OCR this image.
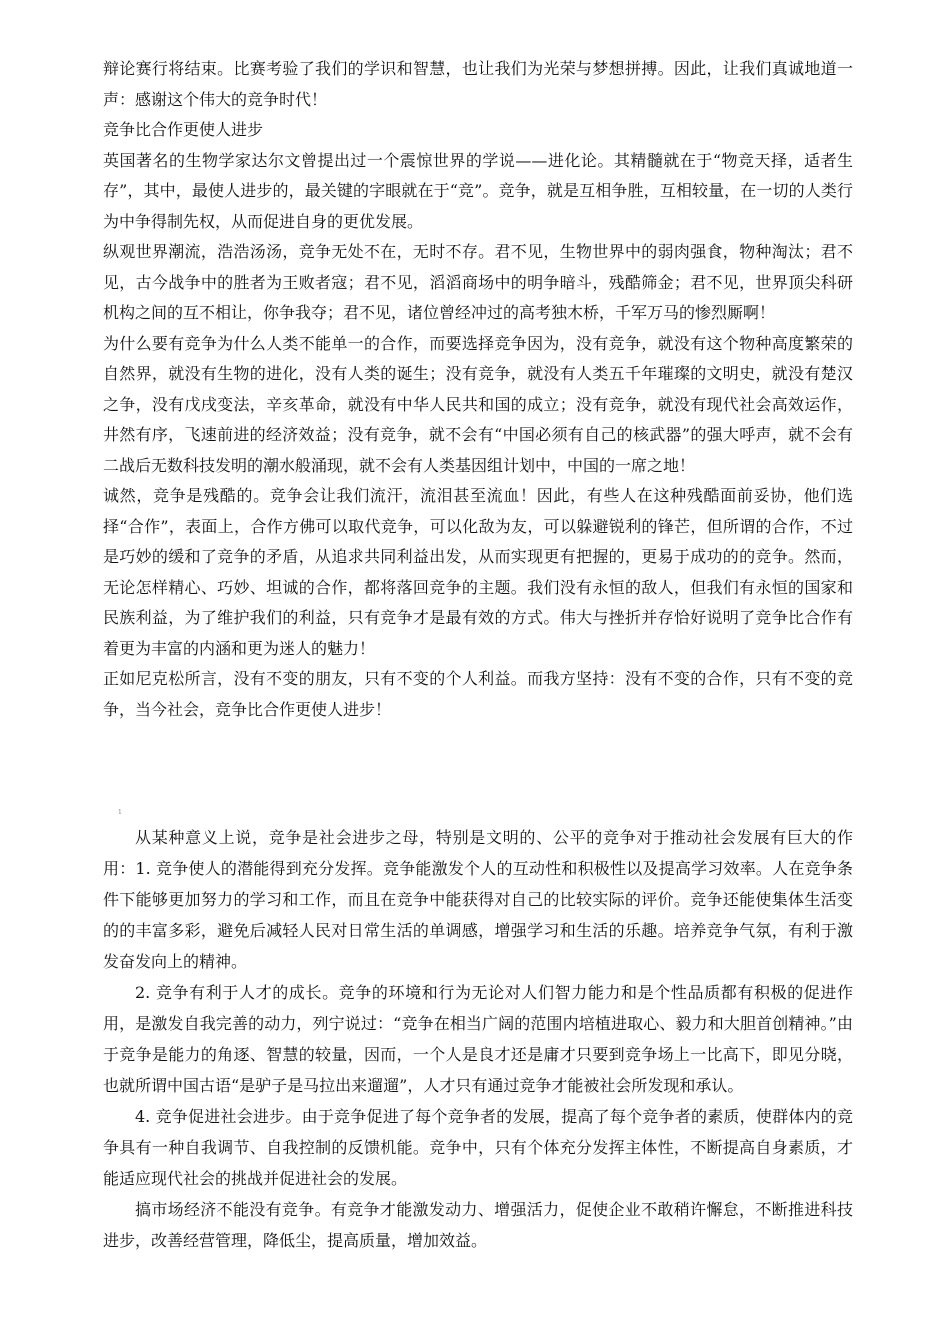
辩论赛行将结束。比赛考验了我们的学识和智慧，也让我们为光荣与梦想拼搏。因此，让我们真诚地道一声：感谢这个伟大的竞争时代！

竞争比合作更使人进步

英国著名的生物学家达尔文曾提出过一个震惊世界的学说——进化论。其精髓就在于“物竞天择，适者生存”，其中，最使人进步的，最关键的字眼就在于“竞”。竞争，就是互相争胜，互相较量，在一切的人类行为中争得制先权，从而促进自身的更优发展。

纵观世界潮流，浩浩汤汤，竞争无处不在，无时不存。君不见，生物世界中的弱肉强食，物种淘汰；君不见，古今战争中的胜者为王败者寇；君不见，滔滔商场中的明争暗斗，残酷筛金；君不见，世界顶尖科研机构之间的互不相让，你争我夺；君不见，诸位曾经冲过的高考独木桥，千军万马的惨烈厮啊！

为什么要有竞争为什么人类不能单一的合作，而要选择竞争因为，没有竞争，就没有这个物种高度繁荣的自然界，就没有生物的进化，没有人类的诞生；没有竞争，就没有人类五千年璀璨的文明史，就没有楚汉之争，没有戊戌变法，辛亥革命，就没有中华人民共和国的成立；没有竞争，就没有现代社会高效运作，井然有序，飞速前进的经济效益；没有竞争，就不会有“中国必须有自己的核武器”的强大呼声，就不会有二战后无数科技发明的潮水般涌现，就不会有人类基因组计划中，中国的一席之地！

诚然，竞争是残酷的。竞争会让我们流汗，流泪甚至流血！因此，有些人在这种残酷面前妥协，他们选择“合作”，表面上，合作方佛可以取代竞争，可以化敌为友，可以躲避锐利的锋芒，但所谓的合作，不过是巧妙的缓和了竞争的矛盾，从追求共同利益出发，从而实现更有把握的，更易于成功的的竞争。然而，无论怎样精心、巧妙、坦诚的合作，都将落回竞争的主题。我们没有永恒的敌人，但我们有永恒的国家和民族利益，为了维护我们的利益，只有竞争才是最有效的方式。伟大与挫折并存恰好说明了竞争比合作有着更为丰富的内涵和更为迷人的魅力！

正如尼克松所言，没有不变的朋友，只有不变的个人利益。而我方坚持：没有不变的合作，只有不变的竞争，当今社会，竞争比合作更使人进步！

1

从某种意义上说，竞争是社会进步之母，特别是文明的、公平的竞争对于推动社会发展有巨大的作用：1. 竞争使人的潜能得到充分发挥。竞争能激发个人的互动性和积极性以及提高学习效率。人在竞争条件下能够更加努力的学习和工作，而且在竞争中能获得对自己的比较实际的评价。竞争还能使集体生活变的的丰富多彩，避免后减轻人民对日常生活的单调感，增强学习和生活的乐趣。培养竞争气氛，有利于激发奋发向上的精神。

2. 竞争有利于人才的成长。竞争的环境和行为无论对人们智力能力和是个性品质都有积极的促进作用，是激发自我完善的动力，列宁说过：“竞争在相当广阔的范围内培植进取心、毅力和大胆首创精神。”由于竞争是能力的角逐、智慧的较量，因而，一个人是良才还是庸才只要到竞争场上一比高下，即见分晓，也就所谓中国古语“是驴子是马拉出来遛遛”，人才只有通过竞争才能被社会所发现和承认。

4. 竞争促进社会进步。由于竞争促进了每个竞争者的发展，提高了每个竞争者的素质，使群体内的竞争具有一种自我调节、自我控制的反馈机能。竞争中，只有个体充分发挥主体性，不断提高自身素质，才能适应现代社会的挑战并促进社会的发展。

搞市场经济不能没有竞争。有竞争才能激发动力、增强活力，促使企业不敢稍许懈怠，不断推进科技进步，改善经营管理，降低尘，提高质量，增加效益。
